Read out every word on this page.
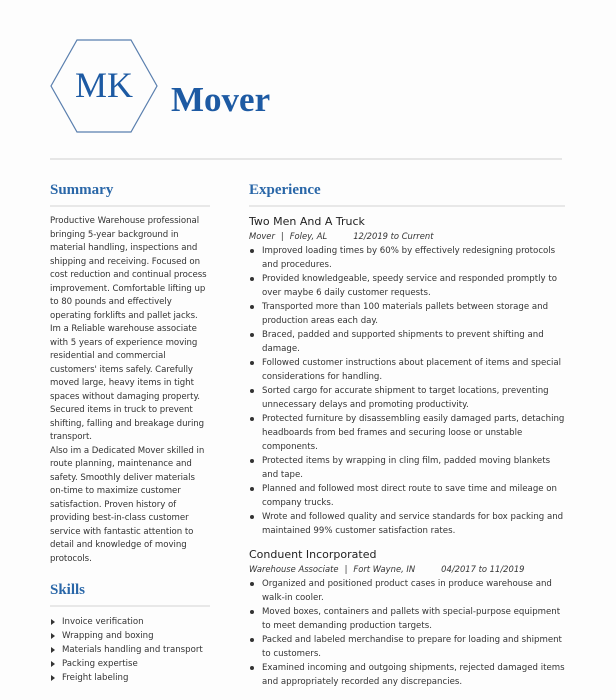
MK	Mover
Summary

Productive Warehouse professional bringing 5-year background in material handling, inspections and shipping and receiving. Focused on cost reduction and continual process improvement. Comfortable lifting up to 80 pounds and effectively operating forklifts and pallet jacks. Im a Reliable warehouse associate with 5 years of experience moving residential and commercial customers' items safely. Carefully moved large, heavy items in tight spaces without damaging property. Secured items in truck to prevent shifting, falling and breakage during transport.

Also im a Dedicated Mover skilled in route planning, maintenance and safety. Smoothly deliver materials on-time to maximize customer satisfaction. Proven history of providing best-in-class customer service with fantastic attention to detail and knowledge of moving protocols.

Skills
Invoice verification
Wrapping and boxing
Materials handling and transport
Packing expertise
Freight labeling
Experience
Two Men And A Truck
Mover | Foley, AL	12/2019 to Current
Improved loading times by 60% by effectively redesigning protocols and procedures.
Provided knowledgeable, speedy service and responded promptly to over maybe 6 daily customer requests.
Transported more than 100 materials pallets between storage and production areas each day.
Braced, padded and supported shipments to prevent shifting and damage.
Followed customer instructions about placement of items and special considerations for handling.
Sorted cargo for accurate shipment to target locations, preventing unnecessary delays and promoting productivity.
Protected furniture by disassembling easily damaged parts, detaching headboards from bed frames and securing loose or unstable components.
Protected items by wrapping in cling film, padded moving blankets and tape.
Planned and followed most direct route to save time and mileage on company trucks.
Wrote and followed quality and service standards for box packing and maintained 99% customer satisfaction rates.
Conduent Incorporated
Warehouse Associate | Fort Wayne, IN	04/2017 to 11/2019
Organized and positioned product cases in produce warehouse and walk-in cooler.
Moved boxes, containers and pallets with special-purpose equipment to meet demanding production targets.
Packed and labeled merchandise to prepare for loading and shipment to customers.
Examined incoming and outgoing shipments, rejected damaged items and appropriately recorded any discrepancies.
